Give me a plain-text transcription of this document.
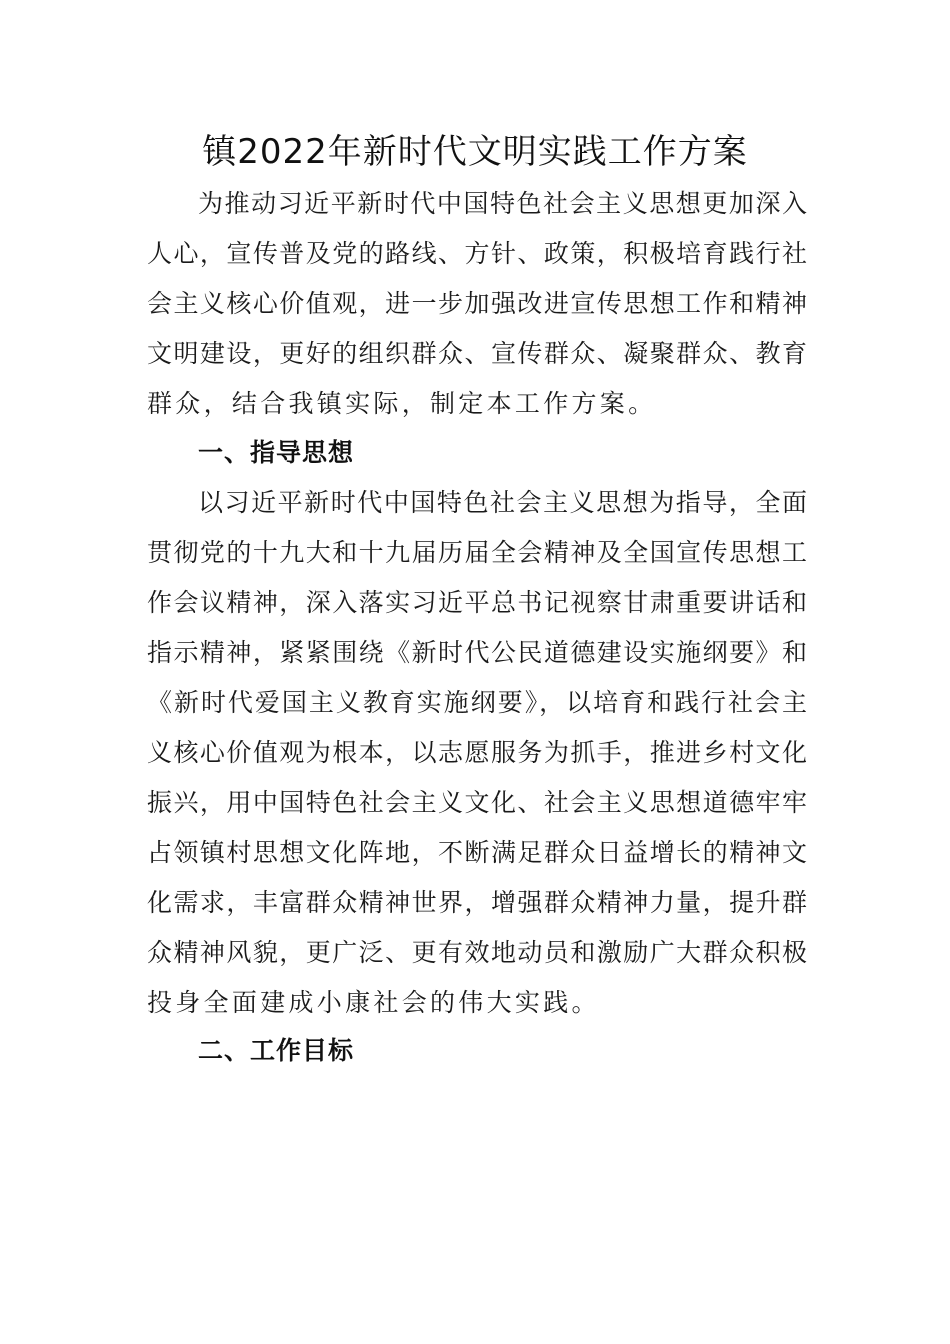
镇2022年新时代文明实践工作方案
为推动习近平新时代中国特色社会主义思想更加深入
人心，宣传普及党的路线、方针、政策，积极培育践行社
会主义核心价值观，进一步加强改进宣传思想工作和精神
文明建设，更好的组织群众、宣传群众、凝聚群众、教育
群众，结合我镇实际，制定本工作方案。
一、指导思想
以习近平新时代中国特色社会主义思想为指导，全面
贯彻党的十九大和十九届历届全会精神及全国宣传思想工
作会议精神，深入落实习近平总书记视察甘肃重要讲话和
指示精神，紧紧围绕《新时代公民道德建设实施纲要》和
《新时代爱国主义教育实施纲要》，以培育和践行社会主
义核心价值观为根本，以志愿服务为抓手，推进乡村文化
振兴，用中国特色社会主义文化、社会主义思想道德牢牢
占领镇村思想文化阵地，不断满足群众日益增长的精神文
化需求，丰富群众精神世界，增强群众精神力量，提升群
众精神风貌，更广泛、更有效地动员和激励广大群众积极
投身全面建成小康社会的伟大实践。
二、工作目标
